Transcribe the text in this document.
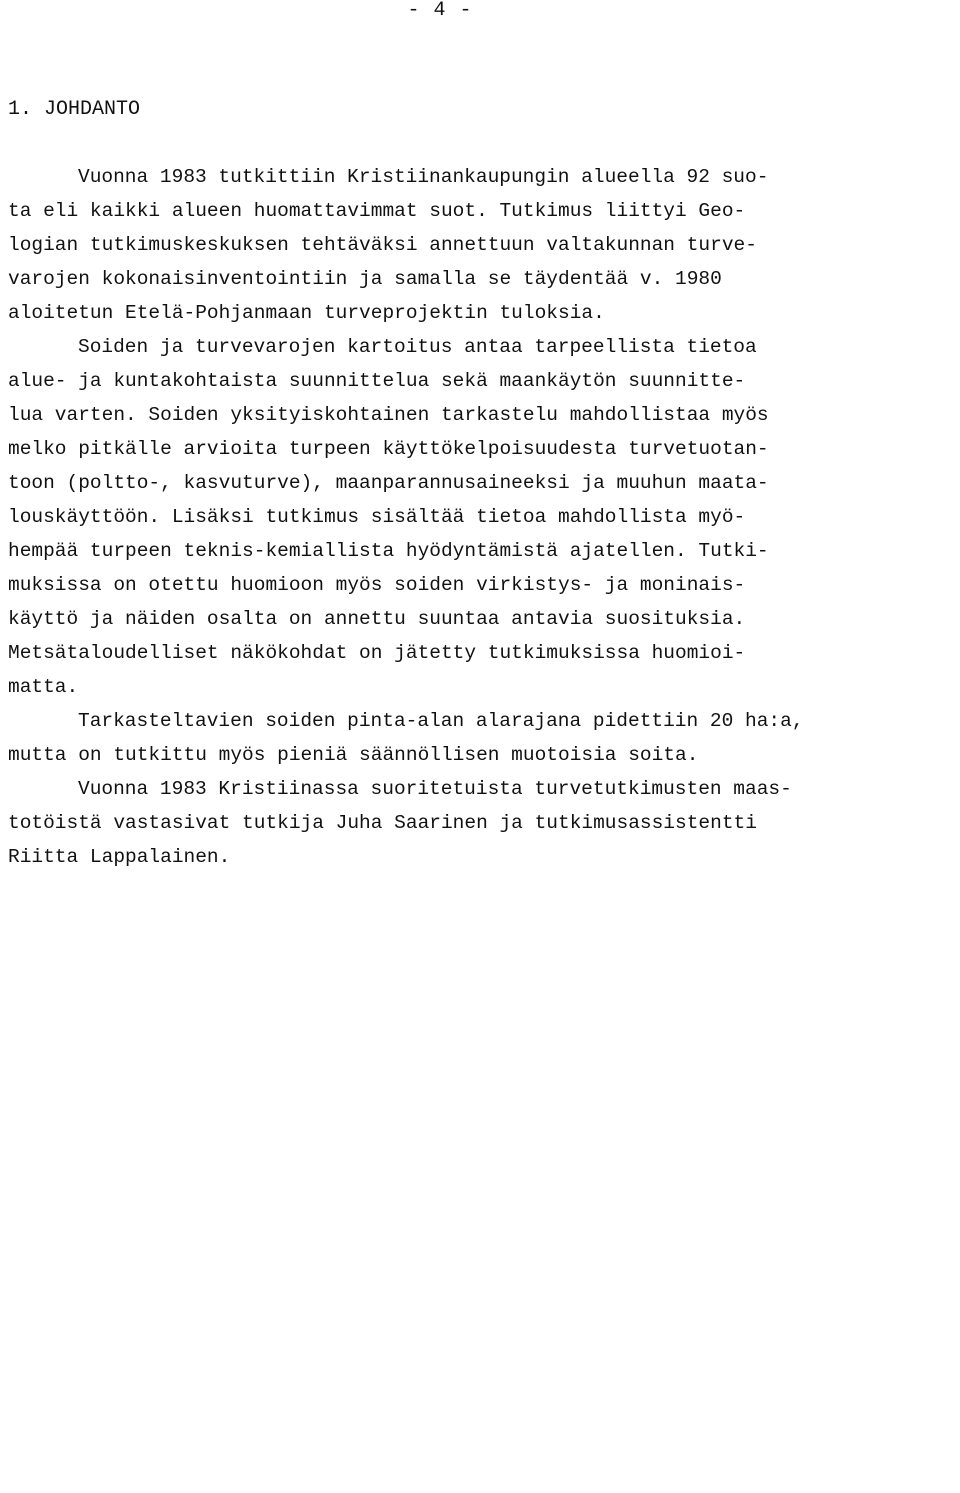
- 4 -
1. JOHDANTO
Vuonna 1983 tutkittiin Kristiinankaupungin alueella 92 suo-
ta eli kaikki alueen huomattavimmat suot. Tutkimus liittyi Geo-
logian tutkimuskeskuksen tehtäväksi annettuun valtakunnan turve-
varojen kokonaisinventointiin ja samalla se täydentää v. 1980
aloitetun Etelä-Pohjanmaan turveprojektin tuloksia.
Soiden ja turvevarojen kartoitus antaa tarpeellista tietoa
alue- ja kuntakohtaista suunnittelua sekä maankäytön suunnitte-
lua varten. Soiden yksityiskohtainen tarkastelu mahdollistaa myös
melko pitkälle arvioita turpeen käyttökelpoisuudesta turvetuotan-
toon (poltto-, kasvuturve), maanparannusaineeksi ja muuhun maata-
louskäyttöön. Lisäksi tutkimus sisältää tietoa mahdollista myö-
hempää turpeen teknis-kemiallista hyödyntämistä ajatellen. Tutki-
muksissa on otettu huomioon myös soiden virkistys- ja moninais-
käyttö ja näiden osalta on annettu suuntaa antavia suosituksia.
Metsätaloudelliset näkökohdat on jätetty tutkimuksissa huomioi-
matta.
Tarkasteltavien soiden pinta-alan alarajana pidettiin 20 ha:a,
mutta on tutkittu myös pieniä säännöllisen muotoisia soita.
Vuonna 1983 Kristiinassa suoritetuista turvetutkimusten maas-
totöistä vastasivat tutkija Juha Saarinen ja tutkimusassistentti
Riitta Lappalainen.
